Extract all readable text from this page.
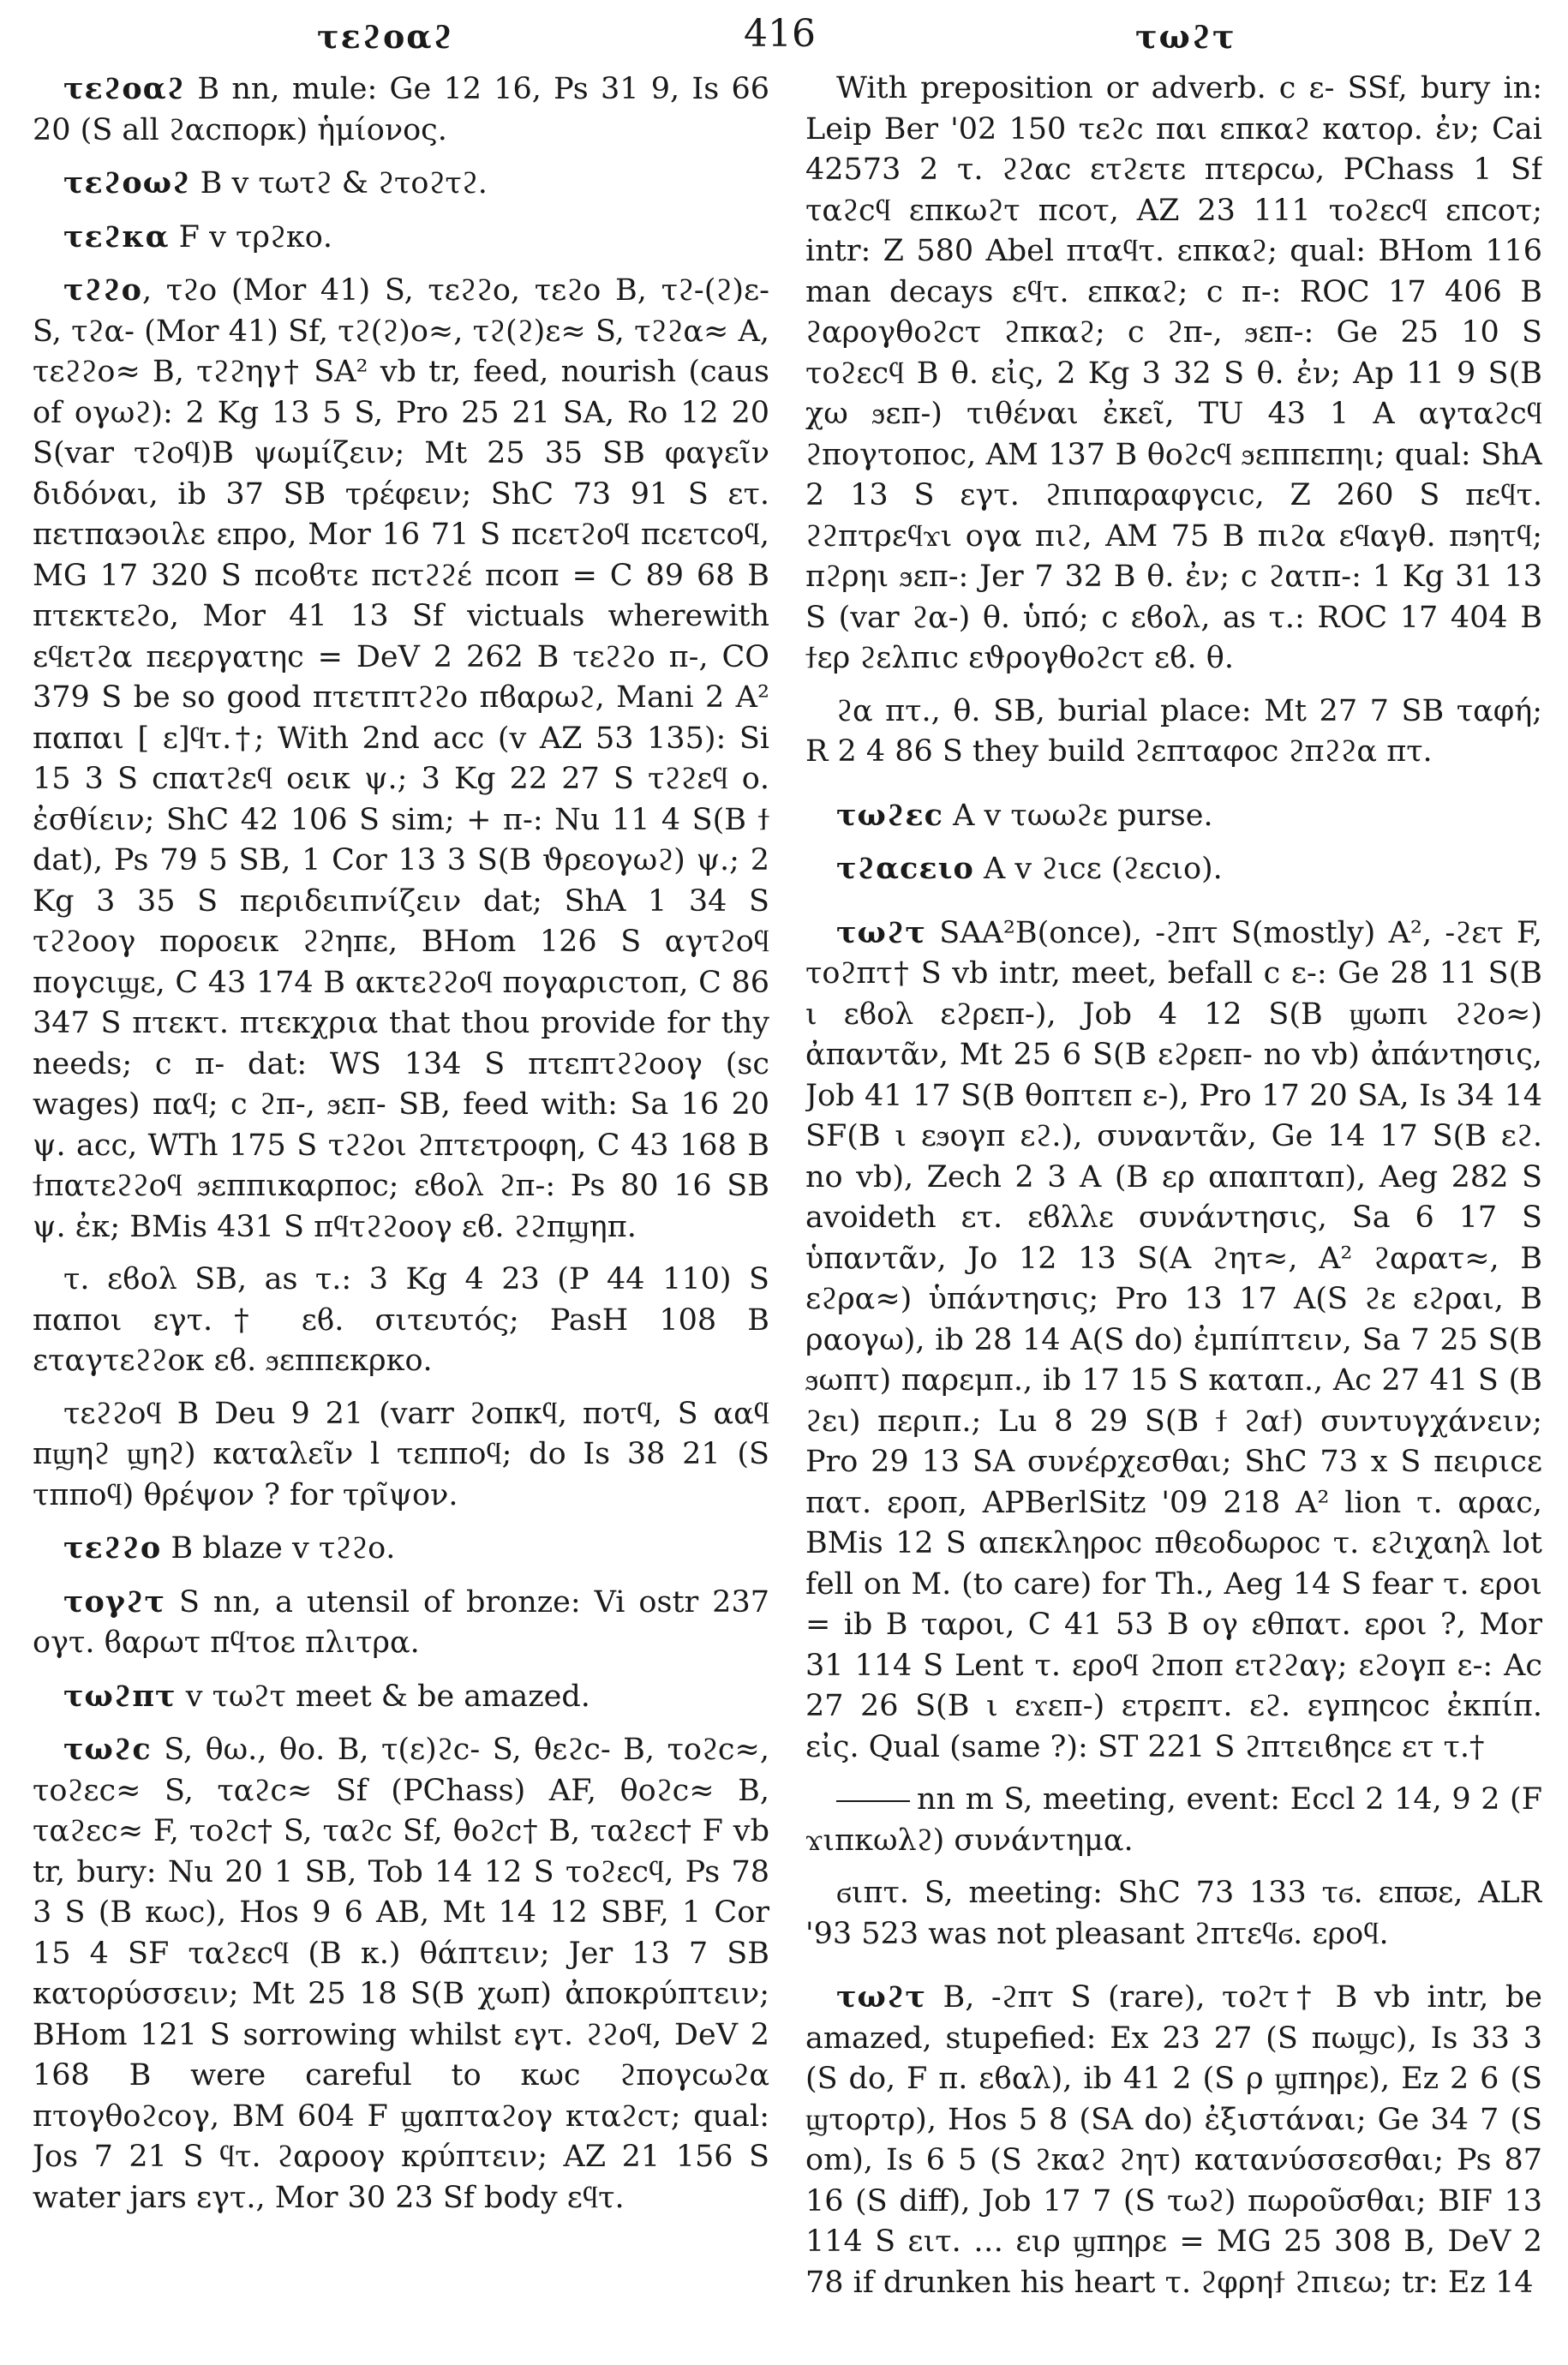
τεϩοαϩ	416	τωϩτ

τεϩοαϩ B nn, mule: Ge 12 16, Ps 31 9, Is 66 20 (S all ϩαϲπορκ) ἡμίονος.

τεϩοωϩ B v τωτϩ & ϩτοϩτϩ.

τεϩκα F v τρϩκο.

τϩϩο, τϩο (Mor 41) S, τεϩϩο, τεϩο B, τϩ-(ϩ)ε- S, τϩα- (Mor 41) Sf, τϩ(ϩ)ο≈, τϩ(ϩ)ε≈ S, τϩϩα≈ A, τεϩϩο≈ B, τϩϩηγ† SA² vb tr, feed, nourish (caus of ογωϩ): 2 Kg 13 5 S, Pro 25 21 SA, Ro 12 20 S(var τϩοϥ)B ψωμίζειν; Mt 25 35 SB φαγεῖν διδόναι, ib 37 SB τρέφειν; ShC 73 91 S ετ. πετπα϶οιλε επρο, Mor 16 71 S πcετϩοϥ πcετcοϥ, MG 17 320 S πcοϐτε πcτϩϩέ πcοπ = C 89 68 B πτεκτεϩο, Mor 41 13 Sf victuals wherewith εϥετϩα πεεργατηc = DeV 2 262 B τεϩϩο π-, CO 379 S be so good πτετπτϩϩο πϐαρωϩ, Mani 2 A² παπαι [ ε]ϥτ.†; With 2nd acc (v AZ 53 135): Si 15 3 S cπατϩεϥ οεικ ψ.; 3 Kg 22 27 S τϩϩεϥ ο. ἐσθίειν; ShC 42 106 S sim; + π-: Nu 11 4 S(B ϯ dat), Ps 79 5 SB, 1 Cor 13 3 S(B ϑρεογωϩ) ψ.; 2 Kg 3 35 S περιδειπνίζειν dat; ShA 1 34 S τϩϩοογ ποροεικ ϩϩηπε, BHom 126 S αγτϩοϥ πογcιϣε, C 43 174 B ακτεϩϩοϥ πογαριcτοπ, C 86 347 S πτεκτ. πτεκχρια that thou provide for thy needs; c π- dat: WS 134 S πτεπτϩϩοογ (sc wages) παϥ; c ϩπ-, ϧεπ- SB, feed with: Sa 16 20 ψ. acc, WTh 175 S τϩϩοι ϩπτετροφη, C 43 168 B ϯπατεϩϩοϥ ϧεππικαρποc; εϐολ ϩπ-: Ps 80 16 SB ψ. ἐκ; BMis 431 S πϥτϩϩοογ εϐ. ϩϩπϣηπ.

τ. εϐολ SB, as τ.: 3 Kg 4 23 (P 44 110) S παποι εγτ.† εϐ. σιτευτός; PasH 108 B εταγτεϩϩοκ εϐ. ϧεππεκρκο.

τεϩϩοϥ B Deu 9 21 (varr ϩοπκϥ, ποτϥ, S ααϥ πϣηϩ ϣηϩ) καταλεῖν l τεπποϥ; do Is 38 21 (S τπποϥ) θρέψον ? for τρῖψον.

τεϩϩο B blaze v τϩϩο.

τογϩτ S nn, a utensil of bronze: Vi ostr 237 ογτ. ϐαρωτ πϥτοε πλιτρα.

τωϩπτ v τωϩτ meet & be amazed.

τωϩc S, θω., θο. B, τ(ε)ϩc- S, θεϩc- B, τοϩc≈, τοϩεc≈ S, ταϩc≈ Sf (PChass) AF, θοϩc≈ B, ταϩεc≈ F, τοϩc† S, ταϩc Sf, θοϩc† B, ταϩεc† F vb tr, bury: Nu 20 1 SB, Tob 14 12 S τοϩεcϥ, Ps 78 3 S (B κωc), Hos 9 6 AB, Mt 14 12 SBF, 1 Cor 15 4 SF ταϩεcϥ (B κ.) θάπτειν; Jer 13 7 SB κατορύσσειν; Mt 25 18 S(B χωπ) ἀποκρύπτειν; BHom 121 S sorrowing whilst εγτ. ϩϩοϥ, DeV 2 168 B were careful to κωc ϩπογcωϩα πτογθοϩcογ, BM 604 F ϣαπταϩογ κταϩcτ; qual: Jos 7 21 S ϥτ. ϩαροογ κρύπτειν; AZ 21 156 S water jars εγτ., Mor 30 23 Sf body εϥτ.

With preposition or adverb. c ε- SSf, bury in: Leip Ber '02 150 τεϩc παι επκαϩ κατορ. ἐν; Cai 42573 2 τ. ϩϩαc ετϩετε πτερcω, PChass 1 Sf ταϩcϥ επκωϩτ πcοτ, AZ 23 111 τοϩεcϥ επcοτ; intr: Z 580 Abel πταϥτ. επκαϩ; qual: BHom 116 man decays εϥτ. επκαϩ; c π-: ROC 17 406 B ϩαρογθοϩcτ ϩπκαϩ; c ϩπ-, ϧεπ-: Ge 25 10 S τοϩεcϥ B θ. εἰς, 2 Kg 3 32 S θ. ἐν; Ap 11 9 S(B χω ϧεπ-) τιθέναι ἐκεῖ, TU 43 1 A αγταϩcϥ ϩπογτοποc, AM 137 B θοϩcϥ ϧεππεπηι; qual: ShA 2 13 S εγτ. ϩπιπαραφγcιc, Z 260 S πεϥτ. ϩϩπτρεϥϫι ογα πιϩ, AM 75 B πιϩα εϥαγθ. πϧητϥ; πϩρηι ϧεπ-: Jer 7 32 B θ. ἐν; c ϩατπ-: 1 Kg 31 13 S (var ϩα-) θ. ὑπό; c εϐολ, as τ.: ROC 17 404 B ϯερ ϩελπιc εϑρογθοϩcτ εϐ. θ.

ϩα πτ., θ. SB, burial place: Mt 27 7 SB ταφή; R 2 4 86 S they build ϩεπταφοc ϩπϩϩα πτ.

τωϩεc A v τωωϩε purse.

τϩαcειο A v ϩιcε (ϩεcιο).

τωϩτ SAA²B(once), -ϩπτ S(mostly) A², -ϩετ F, τοϩπτ† S vb intr, meet, befall c ε-: Ge 28 11 S(B ι εϐολ εϩρεπ-), Job 4 12 S(B ϣωπι ϩϩο≈) ἀπαντᾶν, Mt 25 6 S(B εϩρεπ- no vb) ἀπάντησις, Job 41 17 S(B θοπτεπ ε-), Pro 17 20 SA, Is 34 14 SF(B ι εϧογπ εϩ.), συναντᾶν, Ge 14 17 S(B εϩ. no vb), Zech 2 3 A (B ερ απαπταπ), Aeg 282 S avoideth ετ. εϐλλε συνάντησις, Sa 6 17 S ὑπαντᾶν, Jo 12 13 S(A ϩητ≈, A² ϩαρατ≈, B εϩρα≈) ὑπάντησις; Pro 13 17 A(S ϩε εϩραι, B ραογω), ib 28 14 A(S do) ἐμπίπτειν, Sa 7 25 S(B ϧωπτ) παρεμπ., ib 17 15 S καταπ., Ac 27 41 S (B ϩει) περιπ.; Lu 8 29 S(B ϯ ϩαϯ) συντυγχάνειν; Pro 29 13 SA συνέρχεσθαι; ShC 73 x S πειριcε πατ. εροπ, APBerlSitz '09 218 A² lion τ. αραc, BMis 12 S απεκληροc πθεοδωροc τ. εϩιχαηλ lot fell on M. (to care) for Th., Aeg 14 S fear τ. εροι = ib B ταροι, C 41 53 B ογ εθπατ. εροι ?, Mor 31 114 S Lent τ. εροϥ ϩποπ ετϩϩαγ; εϩογπ ε-: Ac 27 26 S(B ι εϫεπ-) ετρεπτ. εϩ. εγπηcοc ἐκπίπ. εἰς. Qual (same ?): ST 221 S ϩπτειϐηcε ετ τ.†

nn m S, meeting, event: Eccl 2 14, 9 2 (F ϫιπκωλϩ) συνάντημα.

ϭιπτ. S, meeting: ShC 73 133 τϭ. επϖε, ALR '93 523 was not pleasant ϩπτεϥϭ. εροϥ.

τωϩτ B, -ϩπτ S (rare), τοϩτ† B vb intr, be amazed, stupefied: Ex 23 27 (S πωϣc), Is 33 3 (S do, F π. εϐαλ), ib 41 2 (S ρ ϣπηρε), Ez 2 6 (S ϣτορτρ), Hos 5 8 (SA do) ἐξιστάναι; Ge 34 7 (S om), Is 6 5 (S ϩκαϩ ϩητ) κατανύσσεσθαι; Ps 87 16 (S diff), Job 17 7 (S τωϩ) πωροῦσθαι; BIF 13 114 S ειτ. … ειρ ϣπηρε = MG 25 308 B, DeV 2 78 if drunken his heart τ. ϩφρηϯ ϩπιεω; tr: Ez 14
